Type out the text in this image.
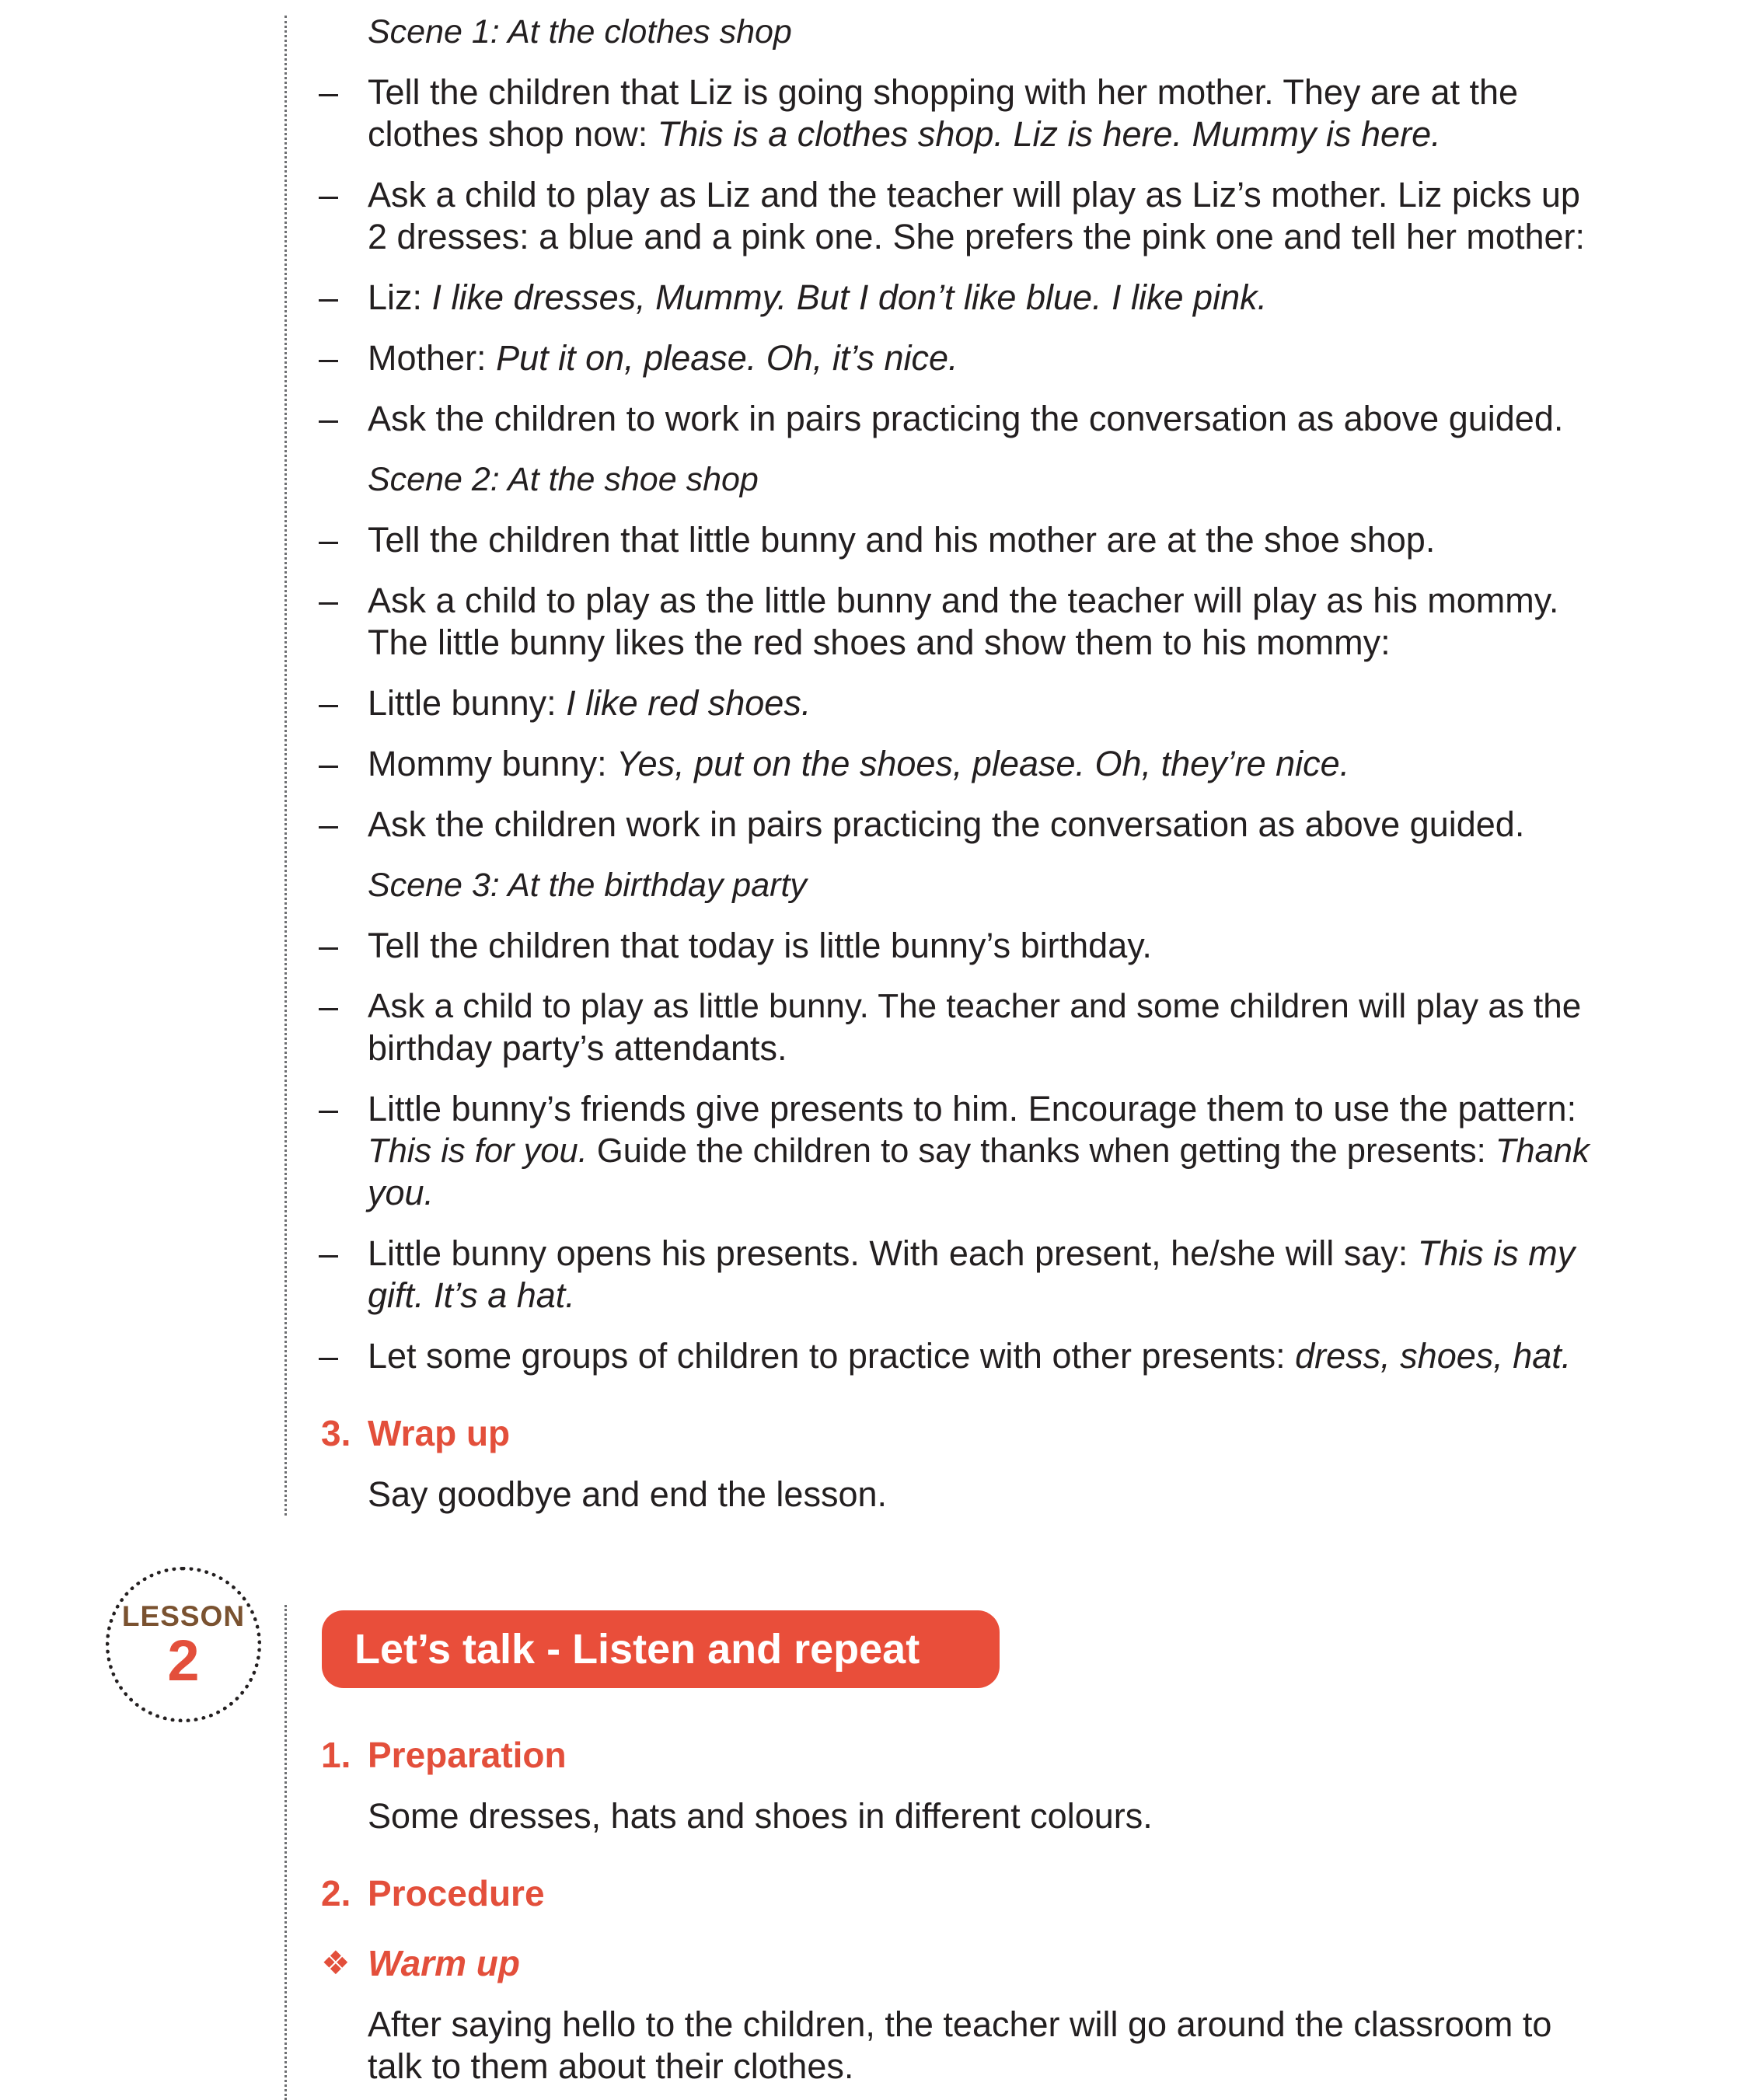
Scene 1: At the clothes shop

– Tell the children that Liz is going shopping with her mother. They are at the

clothes shop now: This is a clothes shop. Liz is here. Mummy is here.

– Ask a child to play as Liz and the teacher will play as Liz’s mother. Liz picks up

2 dresses: a blue and a pink one. She prefers the pink one and tell her mother:

– Liz: I like dresses, Mummy. But I don’t like blue. I like pink.

– Mother: Put it on, please. Oh, it’s nice.

– Ask the children to work in pairs practicing the conversation as above guided.

Scene 2: At the shoe shop

– Tell the children that little bunny and his mother are at the shoe shop.

– Ask a child to play as the little bunny and the teacher will play as his mommy.

The little bunny likes the red shoes and show them to his mommy:

– Little bunny: I like red shoes.

– Mommy bunny: Yes, put on the shoes, please. Oh, they’re nice.

– Ask the children work in pairs practicing the conversation as above guided.

Scene 3: At the birthday party

– Tell the children that today is little bunny’s birthday.

– Ask a child to play as little bunny. The teacher and some children will play as the

birthday party’s attendants.

– Little bunny’s friends give presents to him. Encourage them to use the pattern:

This is for you. Guide the children to say thanks when getting the presents: Thank

you.

– Little bunny opens his presents. With each present, he/she will say: This is my

gift. It’s a hat.

– Let some groups of children to practice with other presents: dress, shoes, hat.

3. Wrap up

Say goodbye and end the lesson.

LESSON
2	Let’s talk - Listen and repeat
1. Preparation

Some dresses, hats and shoes in different colours.

2. Procedure
❖ Warm up

After saying hello to the children, the teacher will go around the classroom to

talk to them about their clothes.
